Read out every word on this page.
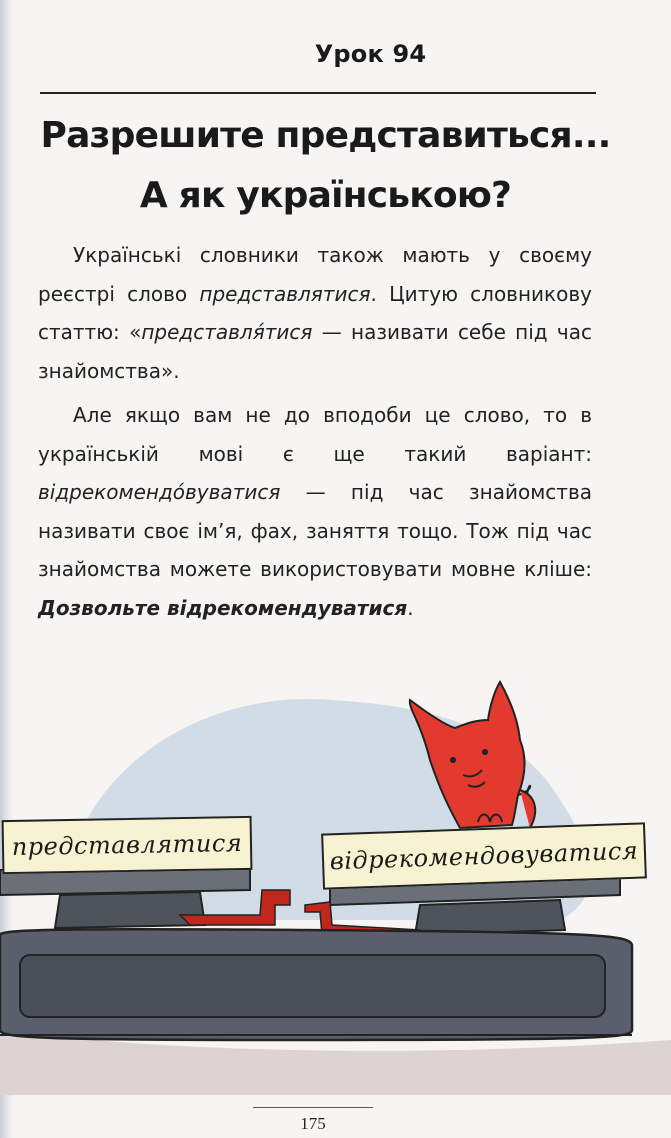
Урок 94
Разрешите представиться...
А як українською?

Українські словники також мають у своєму реєстрі слово представлятися. Цитую словникову статтю: «представля́тися — називати себе під час знайомства».

Але якщо вам не до вподоби це слово, то в українській мові є ще такий варіант: відрекомендо́вуватися — під час знайомства називати своє ім’я, фах, заняття тощо. Тож під час знайомства можете використовувати мовне кліше: Дозвольте відрекомендуватися.

представлятися	відрекомендовуватися
175
